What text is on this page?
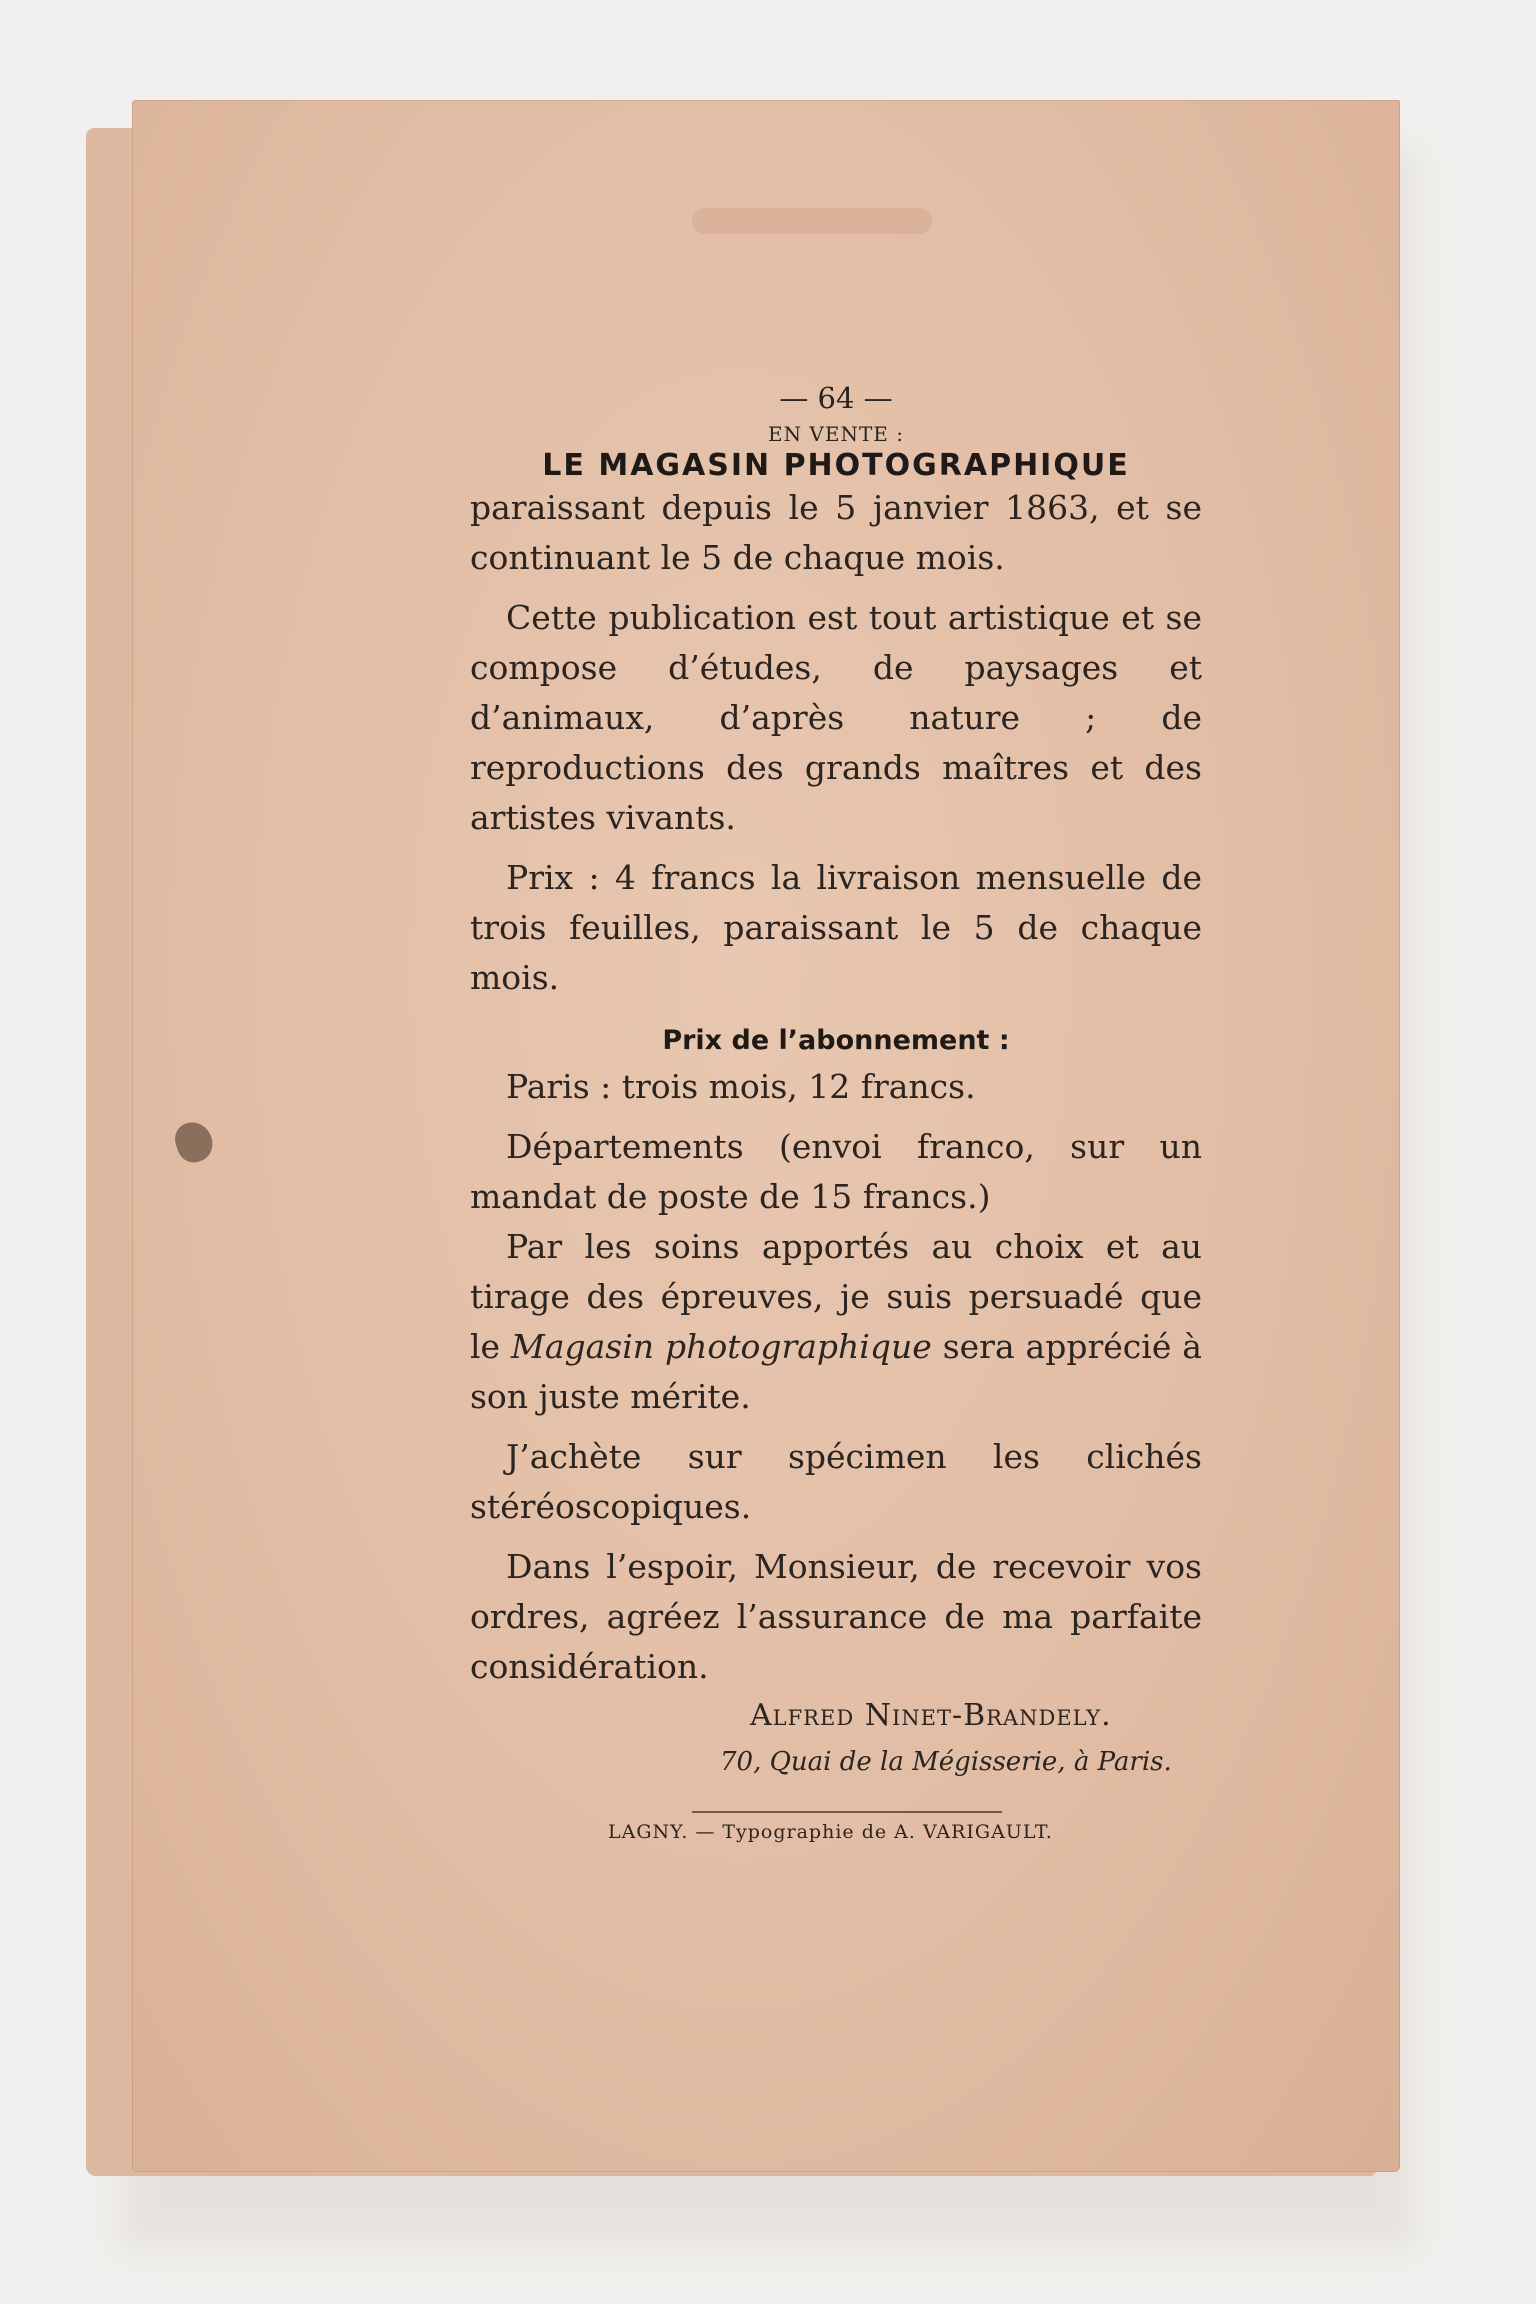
— 64 —

EN VENTE :

LE MAGASIN PHOTOGRAPHIQUE

paraissant depuis le 5 janvier 1863, et se continuant le 5 de chaque mois.

Cette publication est tout artistique et se compose d’études, de paysages et d’animaux, d’après nature ; de reproductions des grands maîtres et des artistes vivants.

Prix : 4 francs la livraison mensuelle de trois feuilles, paraissant le 5 de chaque mois.

Prix de l’abonnement :

Paris : trois mois, 12 francs.

Départements (envoi franco, sur un mandat de poste de 15 francs.)

Par les soins apportés au choix et au tirage des épreuves, je suis persuadé que le Magasin photographique sera apprécié à son juste mérite.

J’achète sur spécimen les clichés stéréoscopiques.

Dans l’espoir, Monsieur, de recevoir vos ordres, agréez l’assurance de ma parfaite considération.

Alfred Ninet-Brandely.

70, Quai de la Mégisserie, à Paris.

LAGNY. — Typographie de A. VARIGAULT.
